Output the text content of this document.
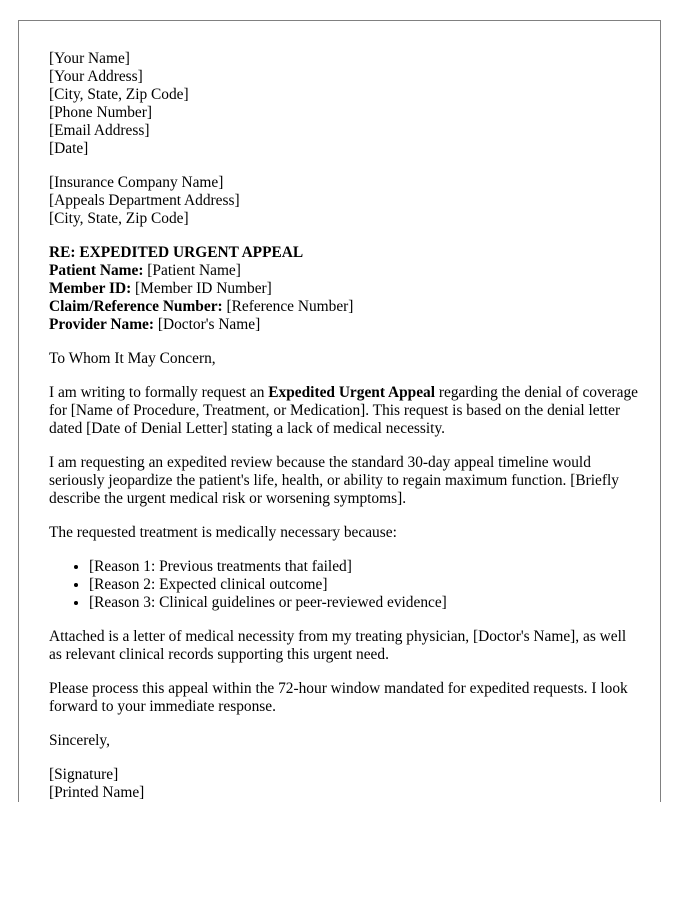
[Your Name]
[Your Address]
[City, State, Zip Code]
[Phone Number]
[Email Address]
[Date]
[Insurance Company Name]
[Appeals Department Address]
[City, State, Zip Code]
RE: EXPEDITED URGENT APPEAL
Patient Name: [Patient Name]
Member ID: [Member ID Number]
Claim/Reference Number: [Reference Number]
Provider Name: [Doctor's Name]

To Whom It May Concern,

I am writing to formally request an Expedited Urgent Appeal regarding the denial of coverage for [Name of Procedure, Treatment, or Medication]. This request is based on the denial letter dated [Date of Denial Letter] stating a lack of medical necessity.

I am requesting an expedited review because the standard 30-day appeal timeline would seriously jeopardize the patient's life, health, or ability to regain maximum function. [Briefly describe the urgent medical risk or worsening symptoms].

The requested treatment is medically necessary because:

• [Reason 1: Previous treatments that failed]
• [Reason 2: Expected clinical outcome]
• [Reason 3: Clinical guidelines or peer-reviewed evidence]

Attached is a letter of medical necessity from my treating physician, [Doctor's Name], as well as relevant clinical records supporting this urgent need.

Please process this appeal within the 72-hour window mandated for expedited requests. I look forward to your immediate response.

Sincerely,

[Signature]
[Printed Name]
